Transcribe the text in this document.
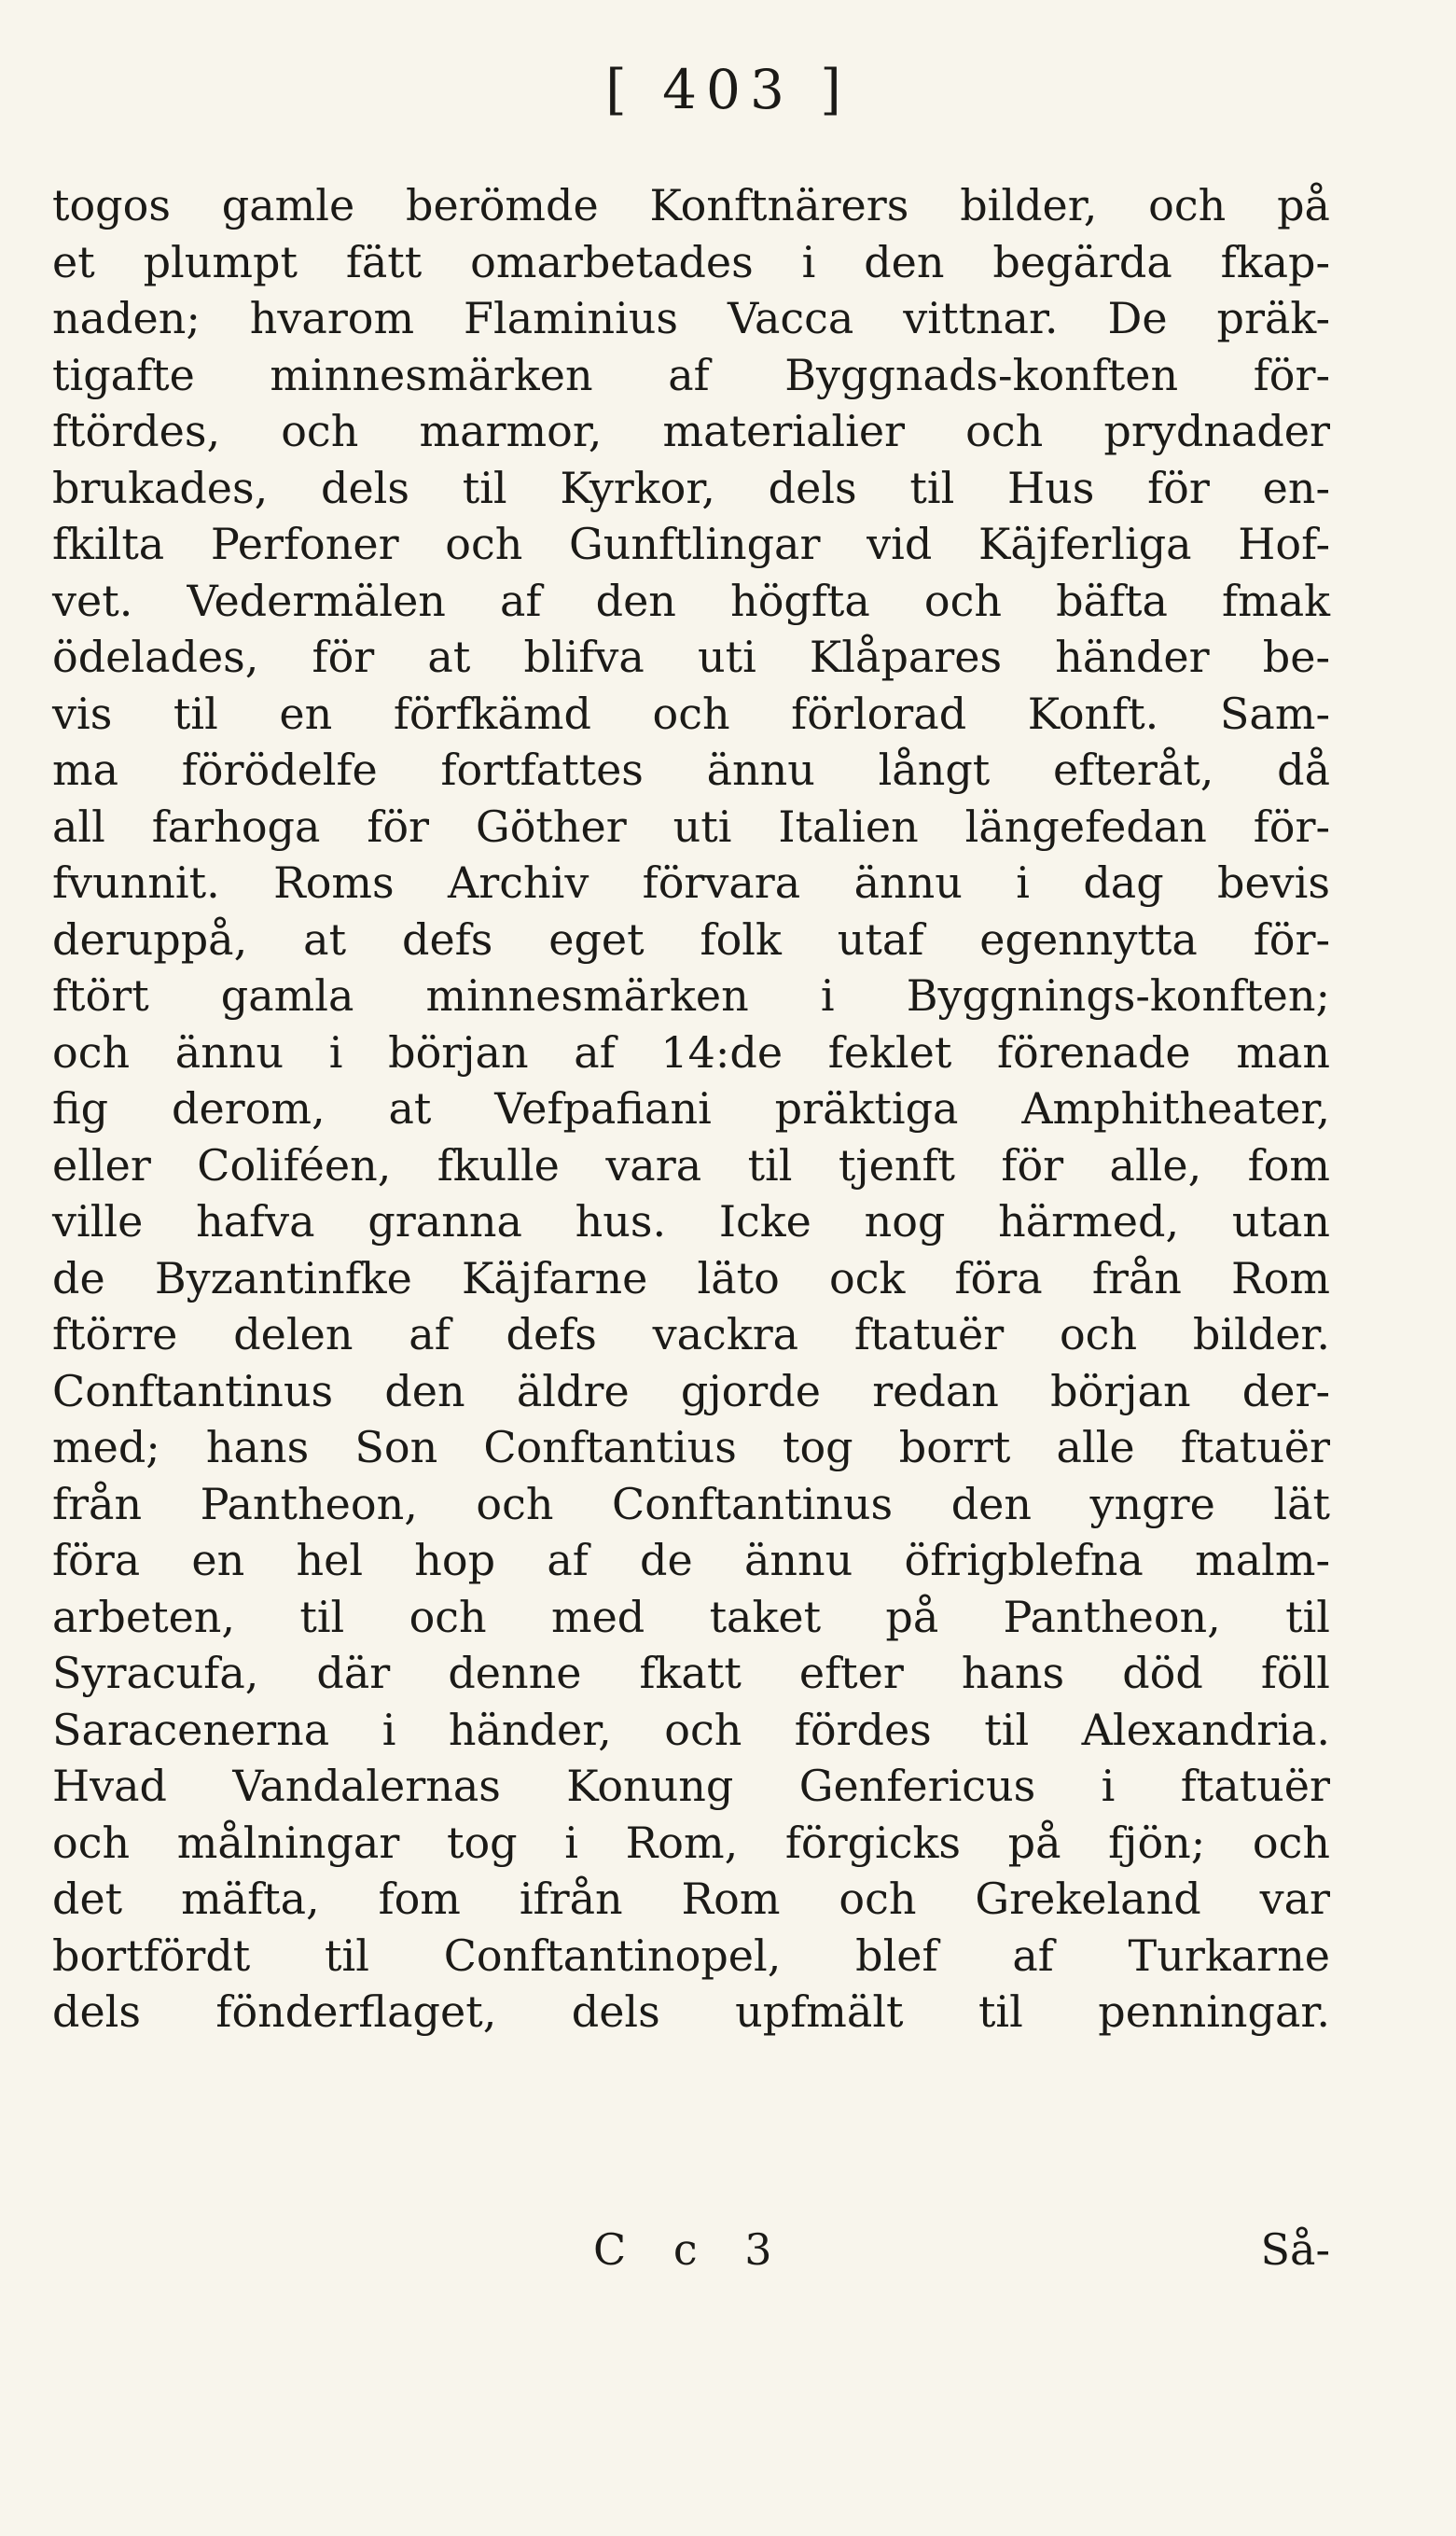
[ 403 ]
togos gamle berömde Konftnärers bilder, och på
et plumpt fätt omarbetades i den begärda fkap-
naden; hvarom Flaminius Vacca vittnar. De präk-
tigafte minnesmärken af Byggnads-konften för-
ftördes, och marmor, materialier och prydnader
brukades, dels til Kyrkor, dels til Hus för en-
fkilta Perfoner och Gunftlingar vid Käjferliga Hof-
vet. Vedermälen af den högfta och bäfta fmak
ödelades, för at blifva uti Klåpares händer be-
vis til en förfkämd och förlorad Konft. Sam-
ma förödelfe fortfattes ännu långt efteråt, då
all farhoga för Göther uti Italien längefedan för-
fvunnit. Roms Archiv förvara ännu i dag bevis
deruppå, at defs eget folk utaf egennytta för-
ftört gamla minnesmärken i Byggnings-konften;
och ännu i början af 14:de feklet förenade man
fig derom, at Vefpafiani präktiga Amphitheater,
eller Coliféen, fkulle vara til tjenft för alle, fom
ville hafva granna hus. Icke nog härmed, utan
de Byzantinfke Käjfarne läto ock föra från Rom
ftörre delen af defs vackra ftatuër och bilder.
Conftantinus den äldre gjorde redan början der-
med; hans Son Conftantius tog borrt alle ftatuër
från Pantheon, och Conftantinus den yngre lät
föra en hel hop af de ännu öfrigblefna malm-
arbeten, til och med taket på Pantheon, til
Syracufa, där denne fkatt efter hans död föll
Saracenerna i händer, och fördes til Alexandria.
Hvad Vandalernas Konung Genfericus i ftatuër
och målningar tog i Rom, förgicks på fjön; och
det mäfta, fom ifrån Rom och Grekeland var
bortfördt til Conftantinopel, blef af Turkarne
dels fönderflaget, dels upfmält til penningar.
C c 3	Så-
